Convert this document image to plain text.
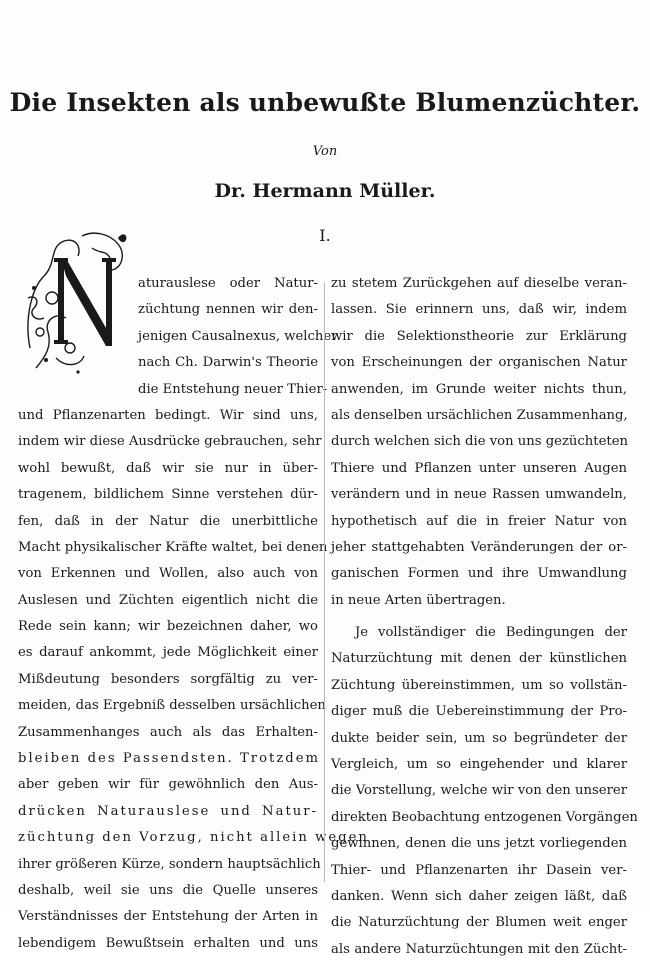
Die Insekten als unbewußte Blumenzüchter.
Von
Dr. Hermann Müller.
I.
N
aturauslese oder Natur-
züchtung nennen wir den-
jenigen Causalnexus, welcher
nach Ch. Darwin's Theorie
die Entstehung neuer Thier-
und Pflanzenarten bedingt. Wir sind uns,
indem wir diese Ausdrücke gebrauchen, sehr
wohl bewußt, daß wir sie nur in über-
tragenem, bildlichem Sinne verstehen dür-
fen, daß in der Natur die unerbittliche
Macht physikalischer Kräfte waltet, bei denen
von Erkennen und Wollen, also auch von
Auslesen und Züchten eigentlich nicht die
Rede sein kann; wir bezeichnen daher, wo
es darauf ankommt, jede Möglichkeit einer
Mißdeutung besonders sorgfältig zu ver-
meiden, das Ergebniß desselben ursächlichen
Zusammenhanges auch als das Erhalten-
bleiben des Passendsten. Trotzdem
aber geben wir für gewöhnlich den Aus-
drücken Naturauslese und Natur-
züchtung den Vorzug, nicht allein wegen
ihrer größeren Kürze, sondern hauptsächlich
deshalb, weil sie uns die Quelle unseres
Verständnisses der Entstehung der Arten in
lebendigem Bewußtsein erhalten und uns
zu stetem Zurückgehen auf dieselbe veran-
lassen. Sie erinnern uns, daß wir, indem
wir die Selektionstheorie zur Erklärung
von Erscheinungen der organischen Natur
anwenden, im Grunde weiter nichts thun,
als denselben ursächlichen Zusammenhang,
durch welchen sich die von uns gezüchteten
Thiere und Pflanzen unter unseren Augen
verändern und in neue Rassen umwandeln,
hypothetisch auf die in freier Natur von
jeher stattgehabten Veränderungen der or-
ganischen Formen und ihre Umwandlung
in neue Arten übertragen.
Je vollständiger die Bedingungen der
Naturzüchtung mit denen der künstlichen
Züchtung übereinstimmen, um so vollstän-
diger muß die Uebereinstimmung der Pro-
dukte beider sein, um so begründeter der
Vergleich, um so eingehender und klarer
die Vorstellung, welche wir von den unserer
direkten Beobachtung entzogenen Vorgängen
gewinnen, denen die uns jetzt vorliegenden
Thier- und Pflanzenarten ihr Dasein ver-
danken. Wenn sich daher zeigen läßt, daß
die Naturzüchtung der Blumen weit enger
als andere Naturzüchtungen mit den Zücht-
